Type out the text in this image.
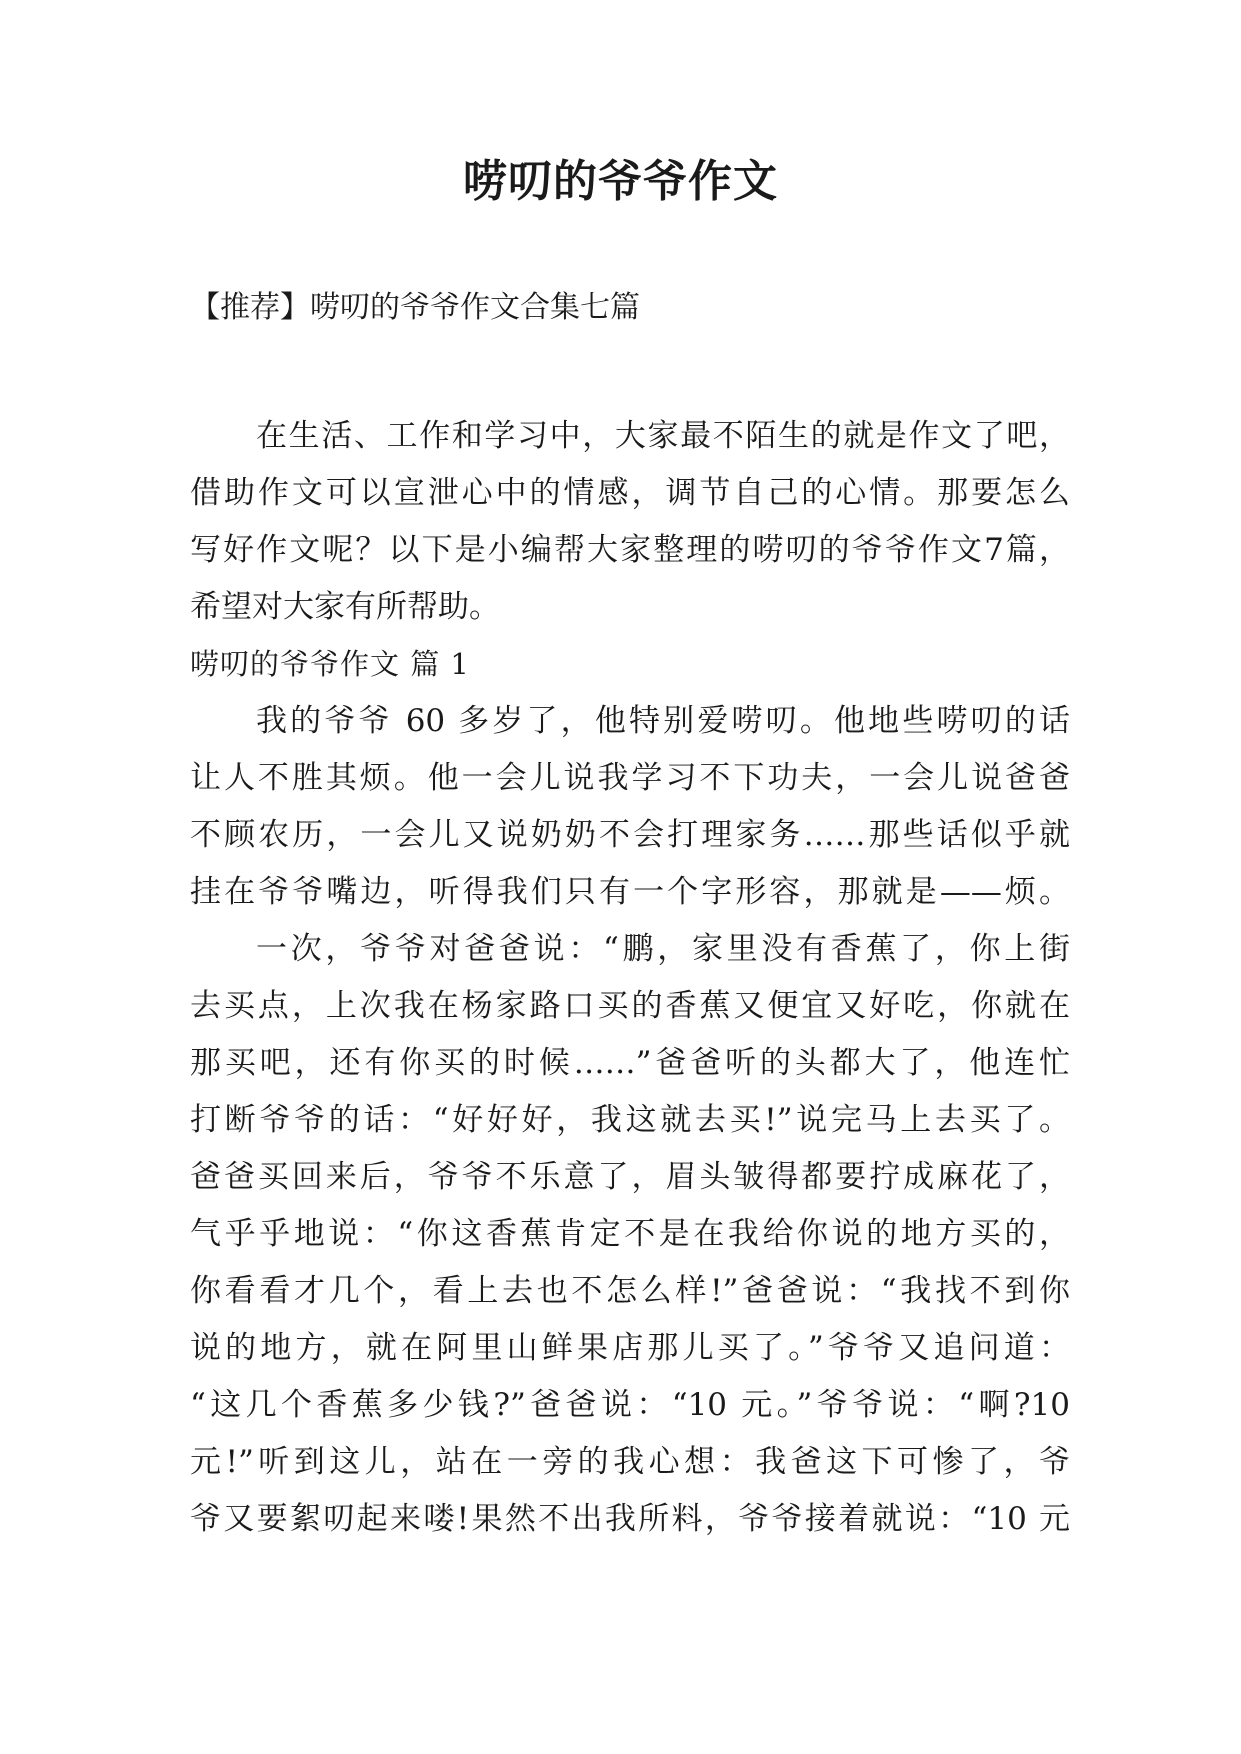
唠叨的爷爷作文
【推荐】唠叨的爷爷作文合集七篇
在生活、工作和学习中，大家最不陌生的就是作文了吧，
借助作文可以宣泄心中的情感，调节自己的心情。那要怎么
写好作文呢？以下是小编帮大家整理的唠叨的爷爷作文7篇，
希望对大家有所帮助。
唠叨的爷爷作文 篇 1
我的爷爷 60 多岁了，他特别爱唠叨。他地些唠叨的话
让人不胜其烦。他一会儿说我学习不下功夫，一会儿说爸爸
不顾农历，一会儿又说奶奶不会打理家务……那些话似乎就
挂在爷爷嘴边，听得我们只有一个字形容，那就是——烦。
一次，爷爷对爸爸说：“鹏，家里没有香蕉了，你上街
去买点，上次我在杨家路口买的香蕉又便宜又好吃，你就在
那买吧，还有你买的时候……”爸爸听的头都大了，他连忙
打断爷爷的话：“好好好，我这就去买!”说完马上去买了。
爸爸买回来后，爷爷不乐意了，眉头皱得都要拧成麻花了，
气乎乎地说：“你这香蕉肯定不是在我给你说的地方买的，
你看看才几个，看上去也不怎么样!”爸爸说：“我找不到你
说的地方，就在阿里山鲜果店那儿买了。”爷爷又追问道：
“这几个香蕉多少钱?”爸爸说：“10 元。”爷爷说：“啊?10
元!”听到这儿，站在一旁的我心想：我爸这下可惨了，爷
爷又要絮叨起来喽!果然不出我所料，爷爷接着就说：“10 元
